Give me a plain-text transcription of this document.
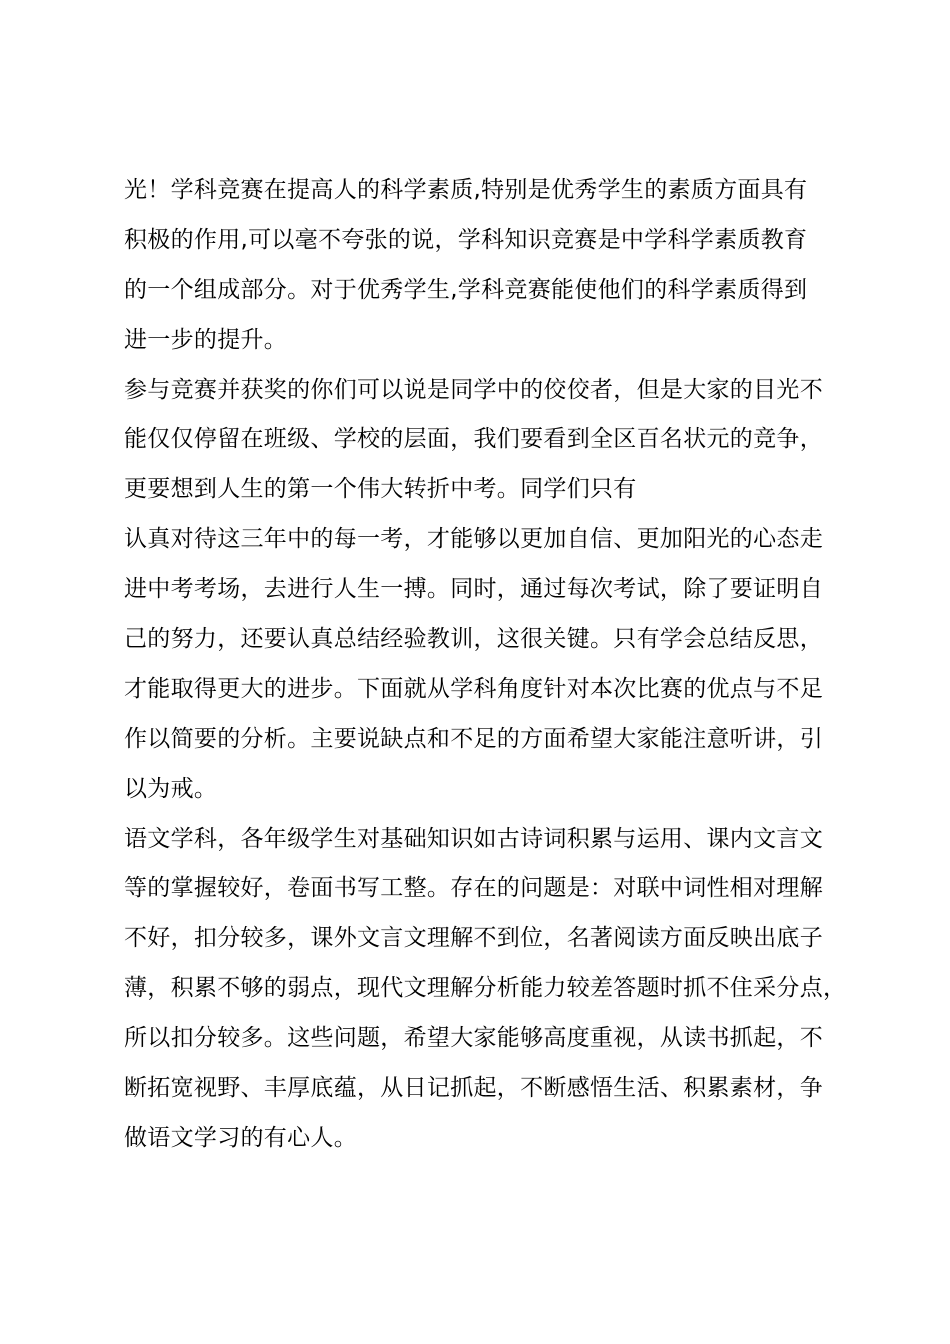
光！学科竞赛在提高人的科学素质,特别是优秀学生的素质方面具有
积极的作用,可以毫不夸张的说，学科知识竞赛是中学科学素质教育
的一个组成部分。对于优秀学生,学科竞赛能使他们的科学素质得到
进一步的提升。
参与竞赛并获奖的你们可以说是同学中的佼佼者，但是大家的目光不
能仅仅停留在班级、学校的层面，我们要看到全区百名状元的竞争，
更要想到人生的第一个伟大转折中考。同学们只有
认真对待这三年中的每一考，才能够以更加自信、更加阳光的心态走
进中考考场，去进行人生一搏。同时，通过每次考试，除了要证明自
己的努力，还要认真总结经验教训，这很关键。只有学会总结反思，
才能取得更大的进步。下面就从学科角度针对本次比赛的优点与不足
作以简要的分析。主要说缺点和不足的方面希望大家能注意听讲，引
以为戒。
语文学科，各年级学生对基础知识如古诗词积累与运用、课内文言文
等的掌握较好，卷面书写工整。存在的问题是：对联中词性相对理解
不好，扣分较多，课外文言文理解不到位，名著阅读方面反映出底子
薄，积累不够的弱点，现代文理解分析能力较差答题时抓不住采分点，
所以扣分较多。这些问题，希望大家能够高度重视，从读书抓起，不
断拓宽视野、丰厚底蕴，从日记抓起，不断感悟生活、积累素材，争
做语文学习的有心人。
